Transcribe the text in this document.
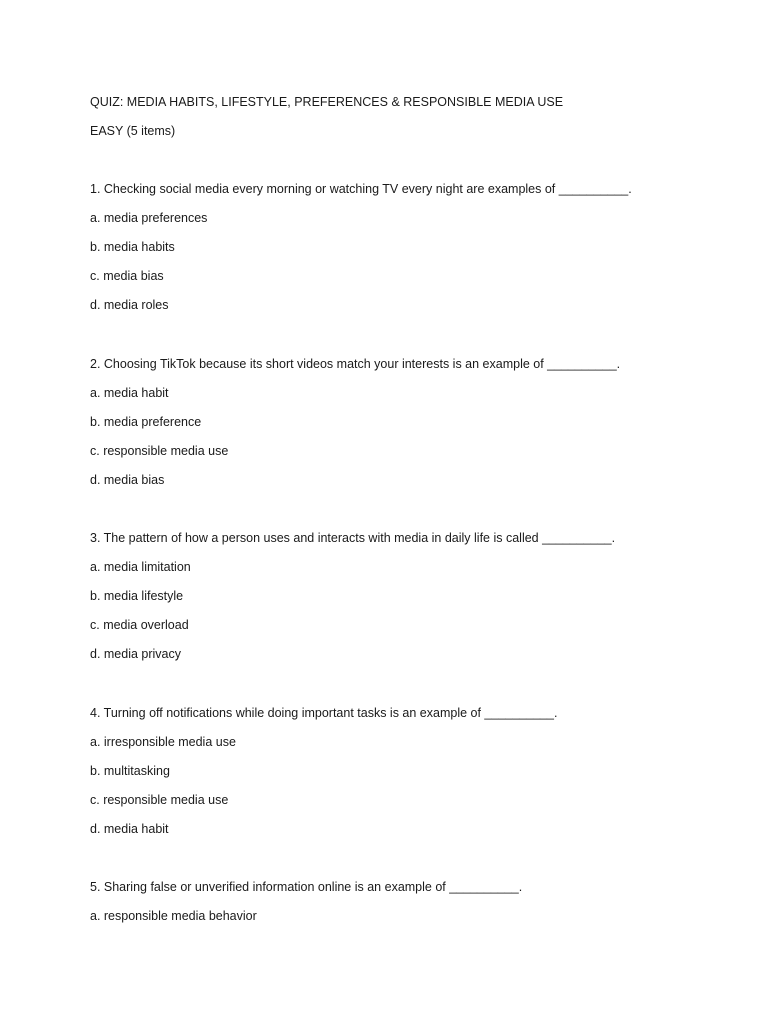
QUIZ: MEDIA HABITS, LIFESTYLE, PREFERENCES & RESPONSIBLE MEDIA USE
EASY (5 items)
1. Checking social media every morning or watching TV every night are examples of __________.
a. media preferences
b. media habits
c. media bias
d. media roles
2. Choosing TikTok because its short videos match your interests is an example of __________.
a. media habit
b. media preference
c. responsible media use
d. media bias
3. The pattern of how a person uses and interacts with media in daily life is called __________.
a. media limitation
b. media lifestyle
c. media overload
d. media privacy
4. Turning off notifications while doing important tasks is an example of __________.
a. irresponsible media use
b. multitasking
c. responsible media use
d. media habit
5. Sharing false or unverified information online is an example of __________.
a. responsible media behavior
